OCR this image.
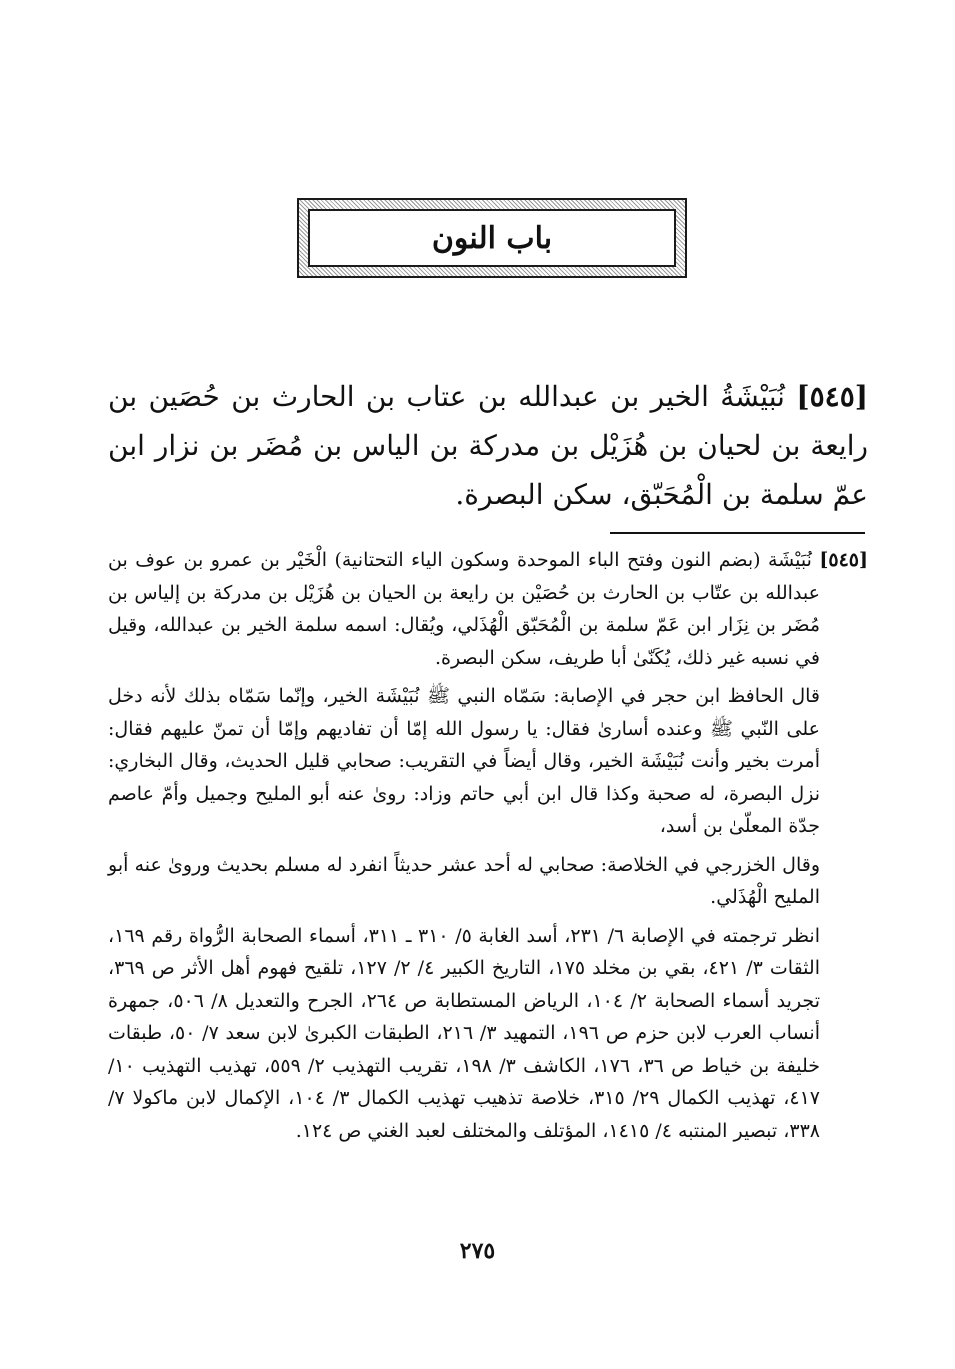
باب النون
[٥٤٥] نُبَيْشَةُ الخير بن عبدالله بن عتاب بن الحارث بن حُصَين بن رايعة بن لحيان بن هُزَيْل بن مدركة بن الياس بن مُضَر بن نزار ابن عمّ سلمة بن الْمُحَبّق، سكن البصرة.

[٥٤٥] نُبَيْشَة (بضم النون وفتح الباء الموحدة وسكون الياء التحتانية) الْخَيْر بن عمرو بن عوف بن عبدالله بن عتّاب بن الحارث بن حُصَيْن بن رايعة بن الحيان بن هُزَيْل بن مدركة بن إلياس بن مُضَر بن نِزَار ابن عَمّ سلمة بن الْمُحَبّق الْهُذَلي، ويُقال: اسمه سلمة الخير بن عبدالله، وقيل في نسبه غير ذلك، يُكَنّىٰ أبا طريف، سكن البصرة.

قال الحافظ ابن حجر في الإصابة: سَمّاه النبي ﷺ نُبَيْشَة الخير، وإنّما سَمّاه بذلك لأنه دخل على النّبي ﷺ وعنده أسارىٰ فقال: يا رسول الله إمّا أن تفاديهم وإمّا أن تمنّ عليهم فقال: أمرت بخير وأنت نُبَيْشَة الخير، وقال أيضاً في التقريب: صحابي قليل الحديث، وقال البخاري: نزل البصرة، له صحبة وكذا قال ابن أبي حاتم وزاد: روىٰ عنه أبو المليح وجميل وأمّ عاصم جدّة المعلّىٰ بن أسد،

وقال الخزرجي في الخلاصة: صحابي له أحد عشر حديثاً انفرد له مسلم بحديث وروىٰ عنه أبو المليح الْهُذَلي.

انظر ترجمته في الإصابة ٦/ ٢٣١، أسد الغابة ٥/ ٣١٠ ـ ٣١١، أسماء الصحابة الرُّواة رقم ١٦٩، الثقات ٣/ ٤٢١، بقي بن مخلد ١٧٥، التاريخ الكبير ٤/ ٢/ ١٢٧، تلقيح فهوم أهل الأثر ص ٣٦٩، تجريد أسماء الصحابة ٢/ ١٠٤، الرياض المستطابة ص ٢٦٤، الجرح والتعديل ٨/ ٥٠٦، جمهرة أنساب العرب لابن حزم ص ١٩٦، التمهيد ٣/ ٢١٦، الطبقات الكبرىٰ لابن سعد ٧/ ٥٠، طبقات خليفة بن خياط ص ٣٦، ١٧٦، الكاشف ٣/ ١٩٨، تقريب التهذيب ٢/ ٥٥٩، تهذيب التهذيب ١٠/ ٤١٧، تهذيب الكمال ٢٩/ ٣١٥، خلاصة تذهيب تهذيب الكمال ٣/ ١٠٤، الإكمال لابن ماكولا ٧/ ٣٣٨، تبصير المنتبه ٤/ ١٤١٥، المؤتلف والمختلف لعبد الغني ص ١٢٤.

٢٧٥
